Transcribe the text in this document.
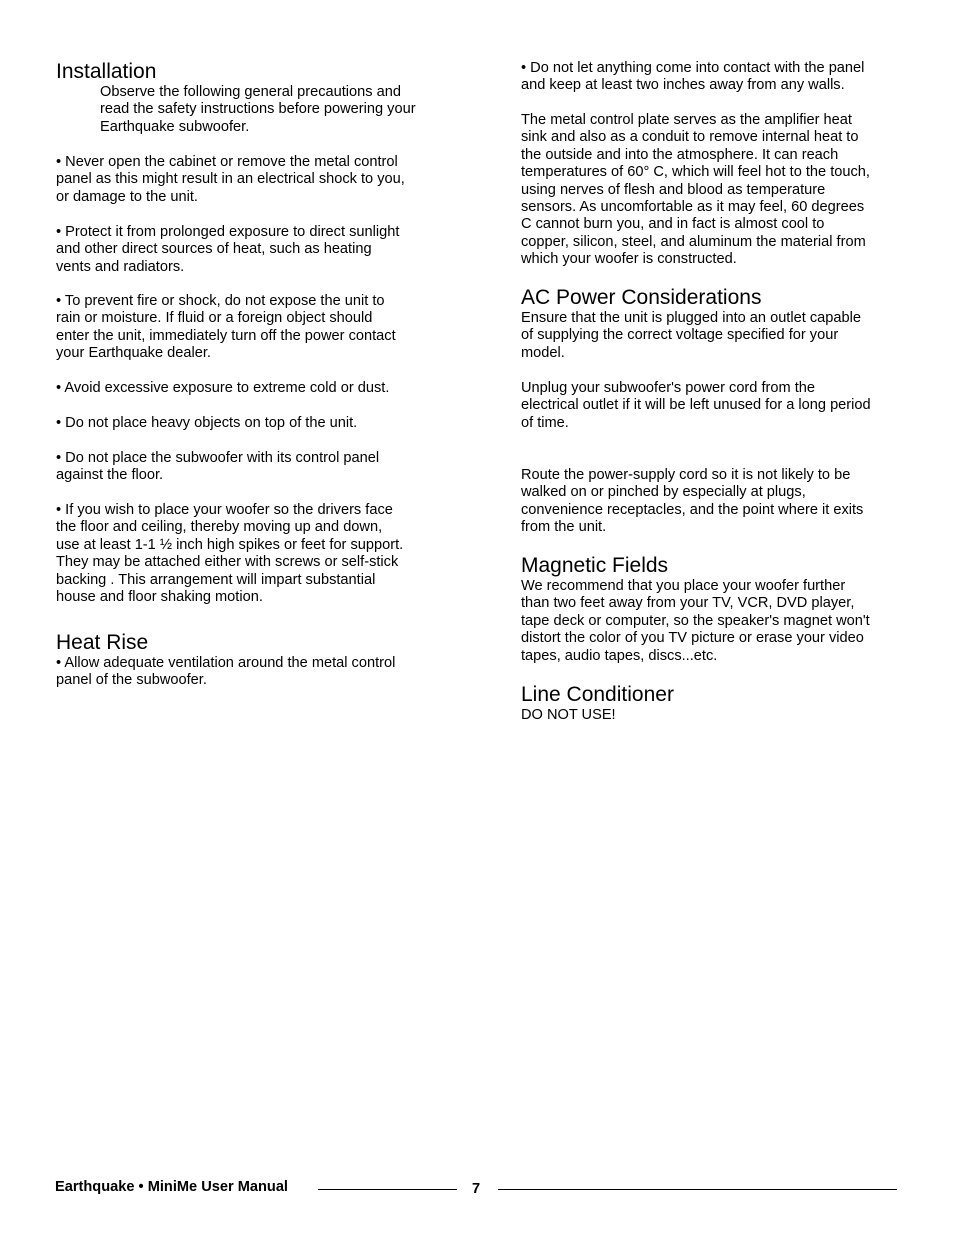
Installation

Observe the following general precautions and
read the safety instructions before powering your
Earthquake subwoofer.

• Never open the cabinet or remove the metal control
panel as this might result in an electrical shock to you,
or damage to the unit.

• Protect it from prolonged exposure to direct sunlight
and other direct sources of heat, such as heating
vents and radiators.

• To prevent fire or shock, do not expose the unit to
rain or moisture. If fluid or a foreign object should
enter the unit, immediately turn off the power contact
your Earthquake dealer.

• Avoid excessive exposure to extreme cold or dust.

• Do not place heavy objects on top of the unit.

• Do not place the subwoofer with its control panel
against the floor.

• If you wish to place your woofer so the drivers face
the floor and ceiling, thereby moving up and down,
use at least 1-1 ½ inch high spikes or feet for support.
They may be attached either with screws or self-stick
backing . This arrangement will impart substantial
house and floor shaking motion.

Heat Rise

• Allow adequate ventilation around the metal control
panel of the subwoofer.

• Do not let anything come into contact with the panel
and keep at least two inches away from any walls.

The metal control plate serves as the amplifier heat
sink and also as a conduit to remove internal heat to
the outside and into the atmosphere. It can reach
temperatures of 60° C, which will feel hot to the touch,
using nerves of flesh and blood as temperature
sensors. As uncomfortable as it may feel, 60 degrees
C cannot burn you, and in fact is almost cool to
copper, silicon, steel, and aluminum the material from
which your woofer is constructed.

AC Power Considerations

Ensure that the unit is plugged into an outlet capable
of supplying the correct voltage specified for your
model.

Unplug your subwoofer's power cord from the
electrical outlet if it will be left unused for a long period
of time.

Route the power-supply cord so it is not likely to be
walked on or pinched by especially at plugs,
convenience receptacles, and the point where it exits
from the unit.

Magnetic Fields

We recommend that you place your woofer further
than two feet away from your TV, VCR, DVD player,
tape deck or computer, so the speaker's magnet won't
distort the color of you TV picture or erase your video
tapes, audio tapes, discs...etc.

Line Conditioner

DO NOT USE!

Earthquake • MiniMe User Manual	7
